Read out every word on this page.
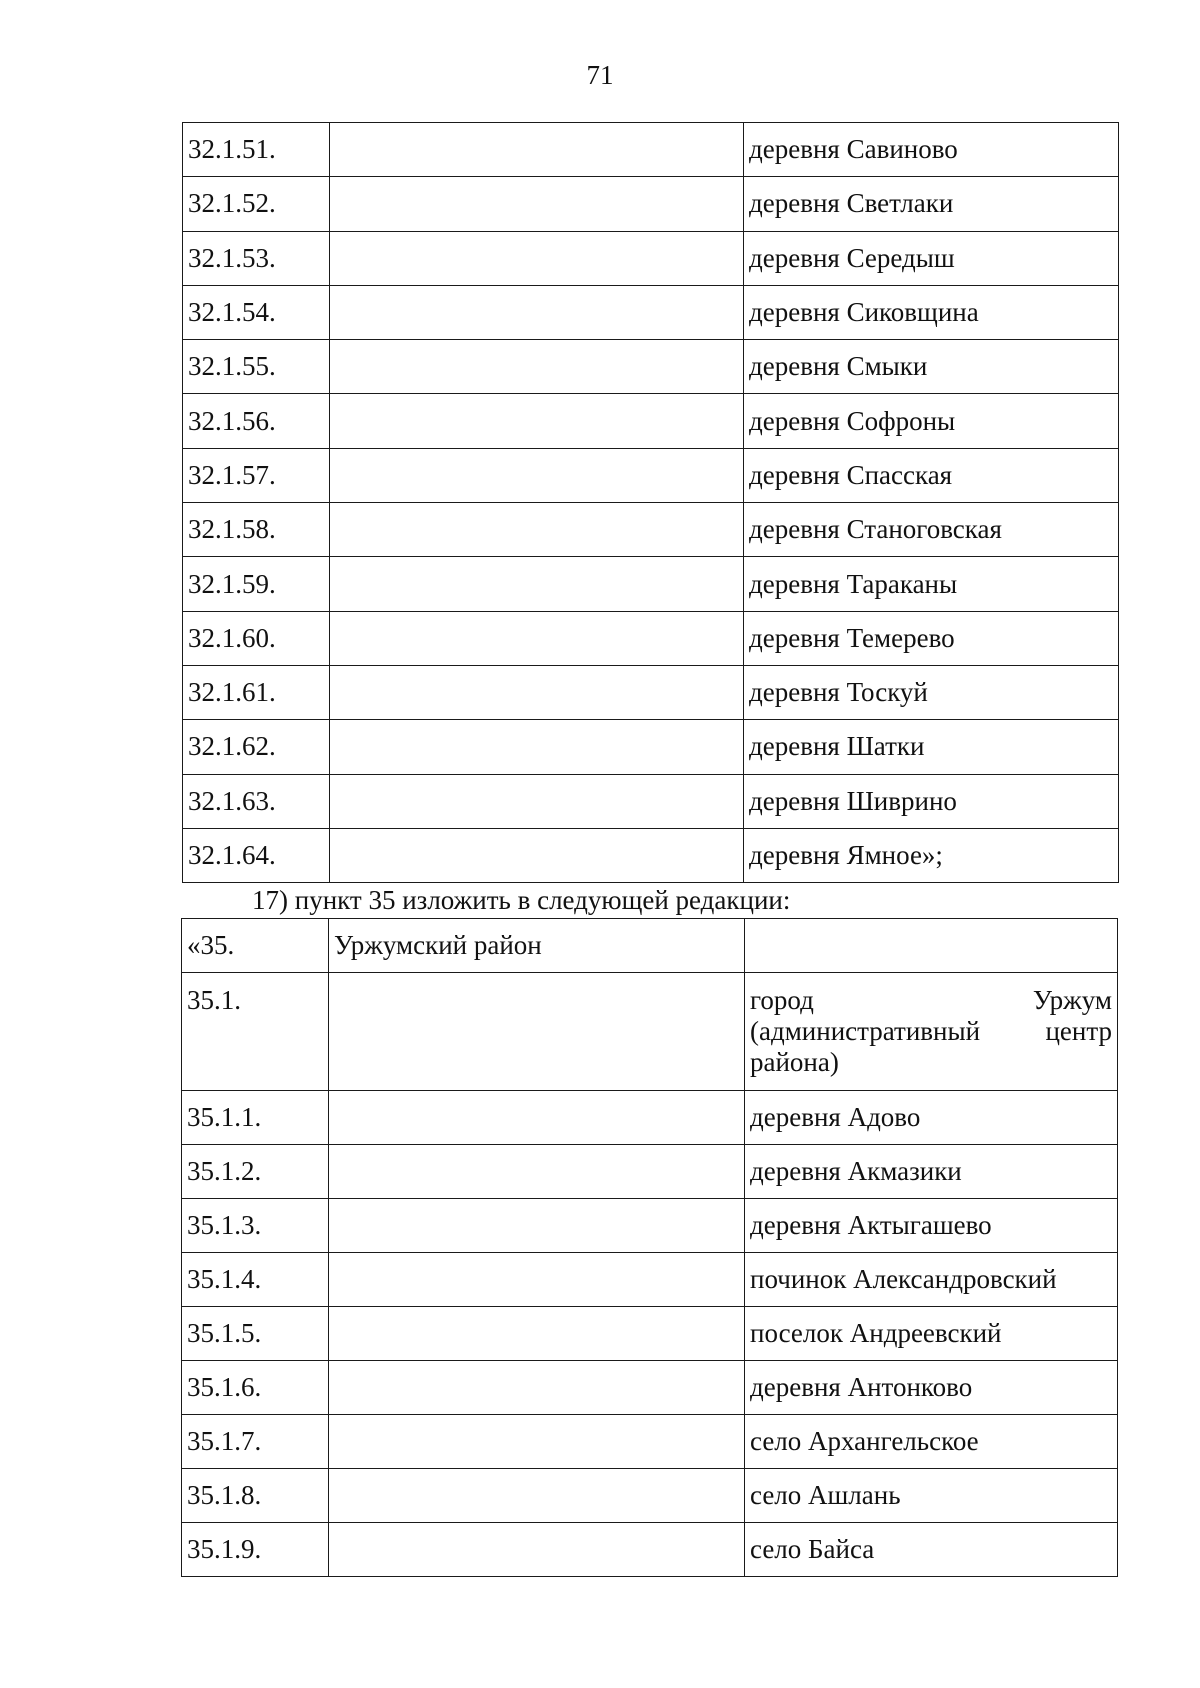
71
32.1.51.		деревня Савиново
32.1.52.		деревня Светлаки
32.1.53.		деревня Середыш
32.1.54.		деревня Сиковщина
32.1.55.		деревня Смыки
32.1.56.		деревня Софроны
32.1.57.		деревня Спасская
32.1.58.		деревня Станоговская
32.1.59.		деревня Тараканы
32.1.60.		деревня Темерево
32.1.61.		деревня Тоскуй
32.1.62.		деревня Шатки
32.1.63.		деревня Шиврино
32.1.64.		деревня Ямное»;
17) пункт 35 изложить в следующей редакции:
«35.	Уржумский район	
35.1.		город Уржум
(административный центр
района)

35.1.1.		деревня Адово
35.1.2.		деревня Акмазики
35.1.3.		деревня Актыгашево
35.1.4.		починок Александровский
35.1.5.		поселок Андреевский
35.1.6.		деревня Антонково
35.1.7.		село Архангельское
35.1.8.		село Ашлань
35.1.9.		село Байса
